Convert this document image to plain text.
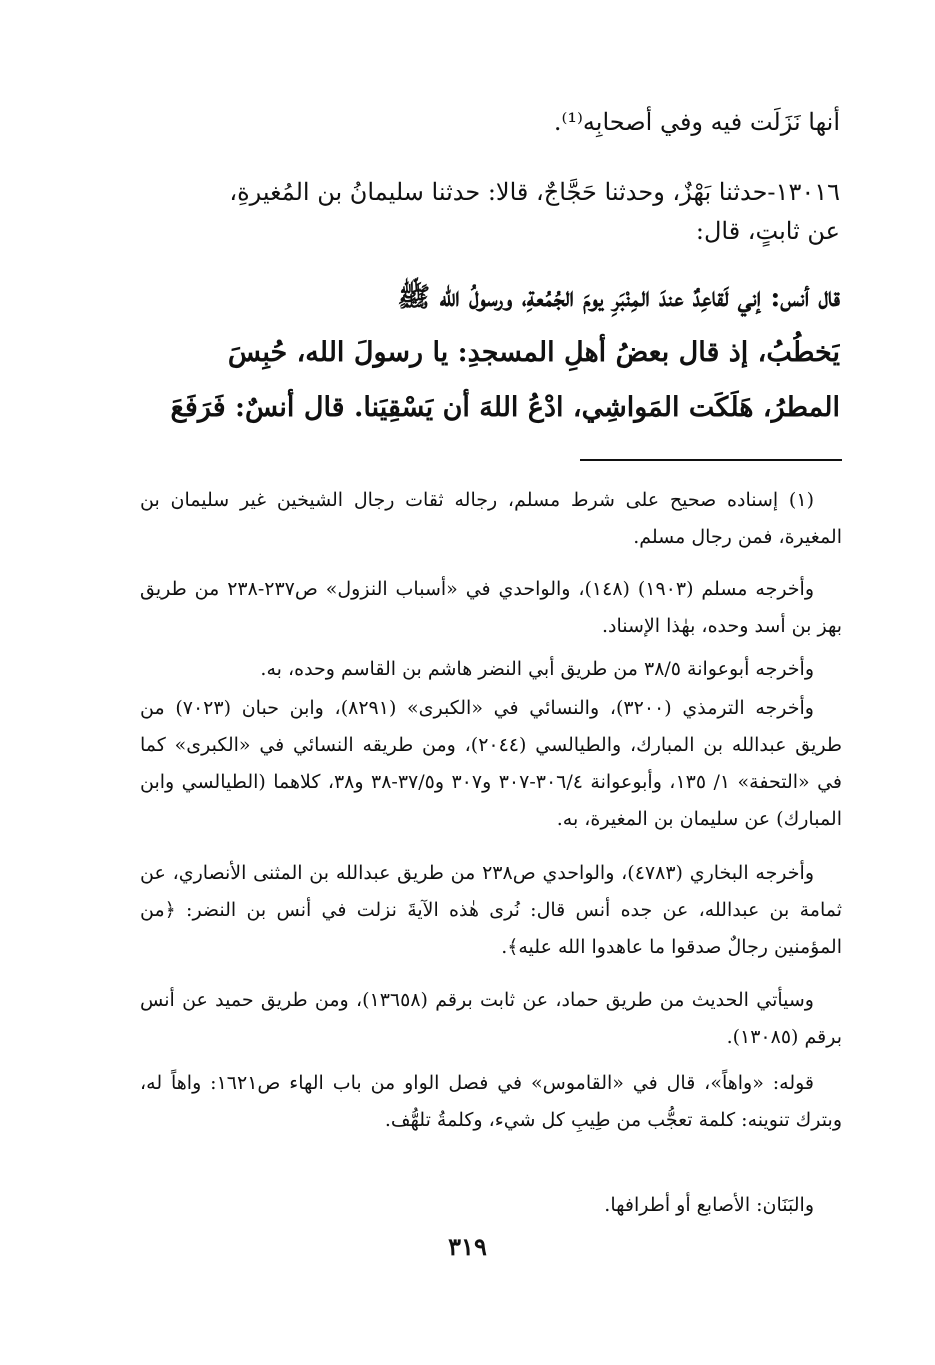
أنها نَزَلَت فيه وفي أصحابِه⁽¹⁾.

١٣٠١٦-حدثنا بَهْزٌ، وحدثنا حَجَّاجٌ، قالا: حدثنا سليمانُ بن المُغيرةِ،

عن ثابتٍ، قال:

قال أنس: إني لَقاعِدٌ عندَ المِنْبَرِ يومَ الجُمُعةِ، ورسولُ الله ﷺ

يَخطُبُ، إذ قال بعضُ أهلِ المسجدِ: يا رسولَ الله، حُبِسَ

المطرُ، هَلَكَت المَواشِي، ادْعُ اللهَ أن يَسْقِيَنا. قال أنسٌ: فَرَفَعَ

(١) إسناده صحيح على شرط مسلم، رجاله ثقات رجال الشيخين غير سليمان بن المغيرة، فمن رجال مسلم.

وأخرجه مسلم (١٩٠٣) (١٤٨)، والواحدي في «أسباب النزول» ص٢٣٧-٢٣٨ من طريق بهز بن أسد وحده، بهٰذا الإسناد.

وأخرجه أبوعوانة ٣٨/٥ من طريق أبي النضر هاشم بن القاسم وحده، به.

وأخرجه الترمذي (٣٢٠٠)، والنسائي في «الكبرى» (٨٢٩١)، وابن حبان (٧٠٢٣) من طريق عبدالله بن المبارك، والطيالسي (٢٠٤٤)، ومن طريقه النسائي في «الكبرى» كما في «التحفة» ١/ ١٣٥، وأبوعوانة ٣٠٦/٤-٣٠٧ و٣٠٧ و٣٧/٥-٣٨ و٣٨، كلاهما (الطيالسي وابن المبارك) عن سليمان بن المغيرة، به.

وأخرجه البخاري (٤٧٨٣)، والواحدي ص٢٣٨ من طريق عبدالله بن المثنى الأنصاري، عن ثمامة بن عبدالله، عن جده أنس قال: نُرى هٰذه الآيةَ نزلت في أنس بن النضر: ﴿من المؤمنين رجالٌ صدقوا ما عاهدوا الله عليه﴾.

وسيأتي الحديث من طريق حماد، عن ثابت برقم (١٣٦٥٨)، ومن طريق حميد عن أنس برقم (١٣٠٨٥).

قوله: «واهاً»، قال في «القاموس» في فصل الواو من باب الهاء ص١٦٢١: واهاً له، وبترك تنوينه: كلمة تعجُّب من طِيبِ كل شيء، وكلمةُ تلهُّف.

والبَنَان: الأصابع أو أطرافها.

٣١٩
